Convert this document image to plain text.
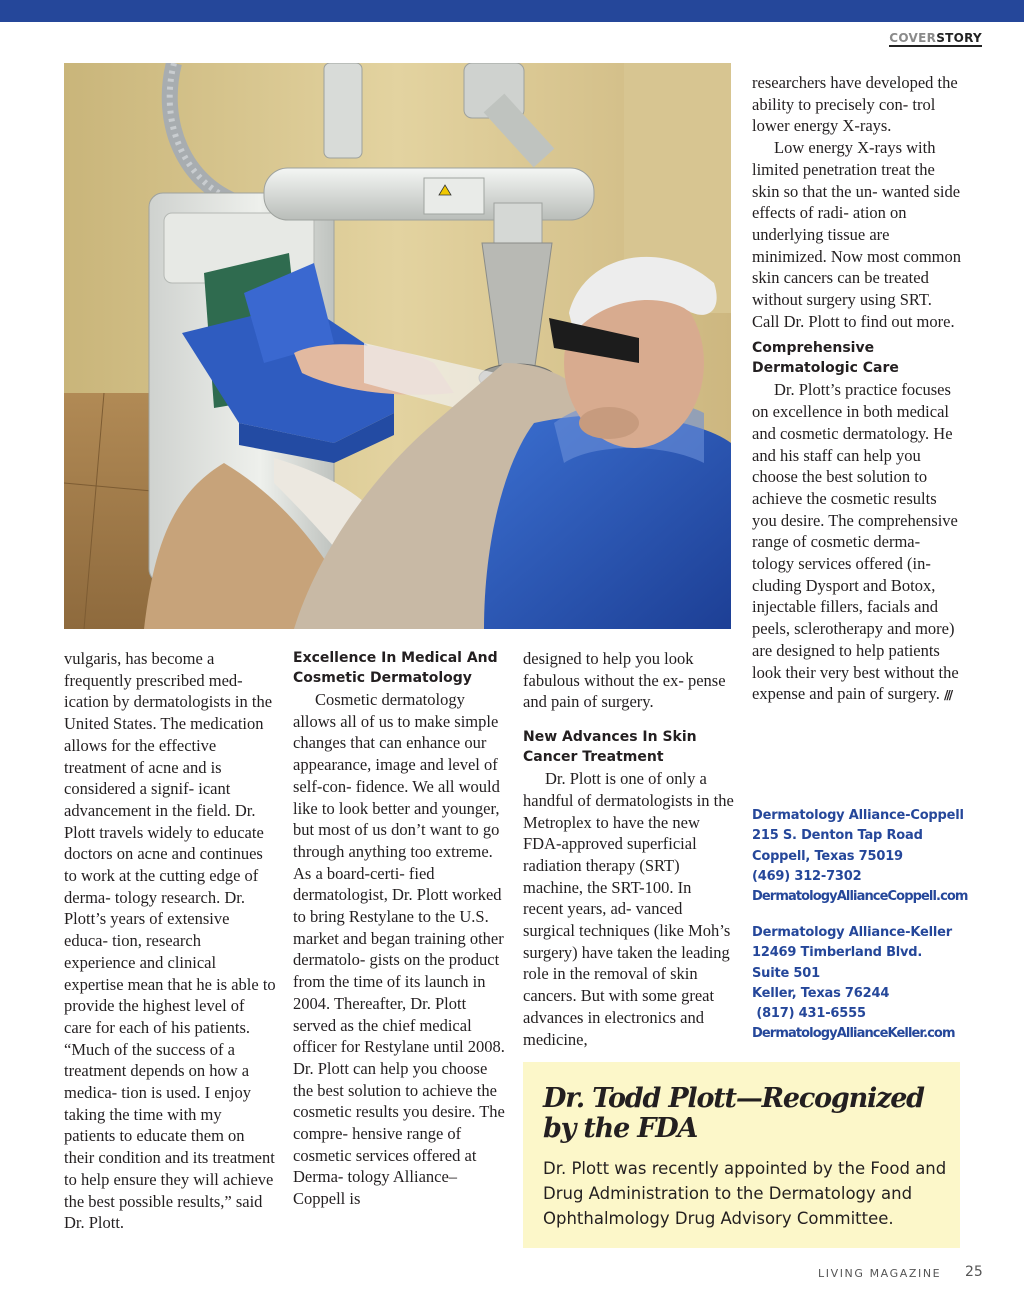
COVERSTORY

vulgaris, has become a frequently prescribed med- ication by dermatologists in the United States. The medication allows for the effective treatment of acne and is considered a signif- icant advancement in the field. Dr. Plott travels widely to educate doctors on acne and continues to work at the cutting edge of derma- tology research. Dr. Plott’s years of extensive educa- tion, research experience and clinical expertise mean that he is able to provide the highest level of care for each of his patients. “Much of the success of a treatment depends on how a medica- tion is used. I enjoy taking the time with my patients to educate them on their condition and its treatment to help ensure they will achieve the best possible results,” said Dr. Plott.

Excellence In Medical And Cosmetic Dermatology

Cosmetic dermatology allows all of us to make simple changes that can enhance our appearance, image and level of self-con- fidence. We all would like to look better and younger, but most of us don’t want to go through anything too extreme. As a board-certi- fied dermatologist, Dr. Plott worked to bring Restylane to the U.S. market and began training other dermatolo- gists on the product from the time of its launch in 2004. Thereafter, Dr. Plott served as the chief medical officer for Restylane until 2008. Dr. Plott can help you choose the best solution to achieve the cosmetic results you desire. The compre- hensive range of cosmetic services offered at Derma- tology Alliance–Coppell is

designed to help you look fabulous without the ex- pense and pain of surgery.

New Advances In Skin Cancer Treatment

Dr. Plott is one of only a handful of dermatologists in the Metroplex to have the new FDA-approved superficial radiation therapy (SRT) machine, the SRT-100. In recent years, ad- vanced surgical techniques (like Moh’s surgery) have taken the leading role in the removal of skin cancers. But with some great advances in electronics and medicine,

researchers have developed the ability to precisely con- trol lower energy X-rays.

Low energy X-rays with limited penetration treat the skin so that the un- wanted side effects of radi- ation on underlying tissue are minimized. Now most common skin cancers can be treated without surgery using SRT. Call Dr. Plott to find out more.

Comprehensive Dermatologic Care

Dr. Plott’s practice focuses on excellence in both medical and cosmetic dermatology. He and his staff can help you choose the best solution to achieve the cosmetic results you desire. The comprehensive range of cosmetic derma- tology services offered (in- cluding Dysport and Botox, injectable fillers, facials and peels, sclerotherapy and more) are designed to help patients look their very best without the expense and pain of surgery. ///

Dermatology Alliance-Coppell
215 S. Denton Tap Road
Coppell, Texas 75019
(469) 312-7302
DermatologyAllianceCoppell.com
Dermatology Alliance-Keller
12469 Timberland Blvd.
Suite 501
Keller, Texas 76244
(817) 431-6555
DermatologyAllianceKeller.com
Dr. Todd Plott—Recognized
by the FDA

Dr. Plott was recently appointed by the Food and Drug Administration to the Dermatology and Ophthalmology Drug Advisory Committee.

LIVING MAGAZINE 25
